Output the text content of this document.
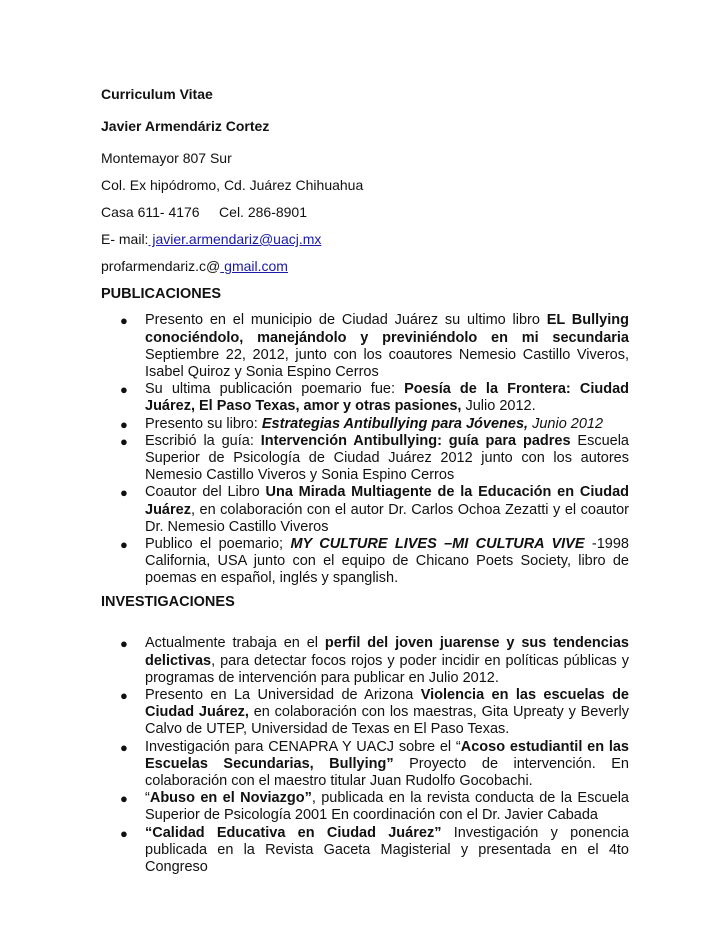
Curriculum Vitae
Javier Armendáriz Cortez
Montemayor 807 Sur
Col. Ex hipódromo, Cd. Juárez Chihuahua
Casa 611- 4176 Cel. 286-8901
E- mail: javier.armendariz@uacj.mx
profarmendariz.c@ gmail.com
PUBLICACIONES
● Presento en el municipio de Ciudad Juárez su ultimo libro EL Bullying conociéndolo, manejándolo y previniéndolo en mi secundaria Septiembre 22, 2012, junto con los coautores Nemesio Castillo Viveros, Isabel Quiroz y Sonia Espino Cerros
● Su ultima publicación poemario fue: Poesía de la Frontera: Ciudad Juárez, El Paso Texas, amor y otras pasiones, Julio 2012.
● Presento su libro: Estrategias Antibullying para Jóvenes, Junio 2012
● Escribió la guía: Intervención Antibullying: guía para padres Escuela Superior de Psicología de Ciudad Juárez 2012 junto con los autores Nemesio Castillo Viveros y Sonia Espino Cerros
● Coautor del Libro Una Mirada Multiagente de la Educación en Ciudad Juárez, en colaboración con el autor Dr. Carlos Ochoa Zezatti y el coautor Dr. Nemesio Castillo Viveros
● Publico el poemario; MY CULTURE LIVES –MI CULTURA VIVE -1998 California, USA junto con el equipo de Chicano Poets Society, libro de poemas en español, inglés y spanglish.
INVESTIGACIONES
● Actualmente trabaja en el perfil del joven juarense y sus tendencias delictivas, para detectar focos rojos y poder incidir en políticas públicas y programas de intervención para publicar en Julio 2012.
● Presento en La Universidad de Arizona Violencia en las escuelas de Ciudad Juárez, en colaboración con los maestras, Gita Upreaty y Beverly Calvo de UTEP, Universidad de Texas en El Paso Texas.
● Investigación para CENAPRA Y UACJ sobre el “Acoso estudiantil en las Escuelas Secundarias, Bullying” Proyecto de intervención. En colaboración con el maestro titular Juan Rudolfo Gocobachi.
● “Abuso en el Noviazgo”, publicada en la revista conducta de la Escuela Superior de Psicología 2001 En coordinación con el Dr. Javier Cabada
● “Calidad Educativa en Ciudad Juárez” Investigación y ponencia publicada en la Revista Gaceta Magisterial y presentada en el 4to Congreso
